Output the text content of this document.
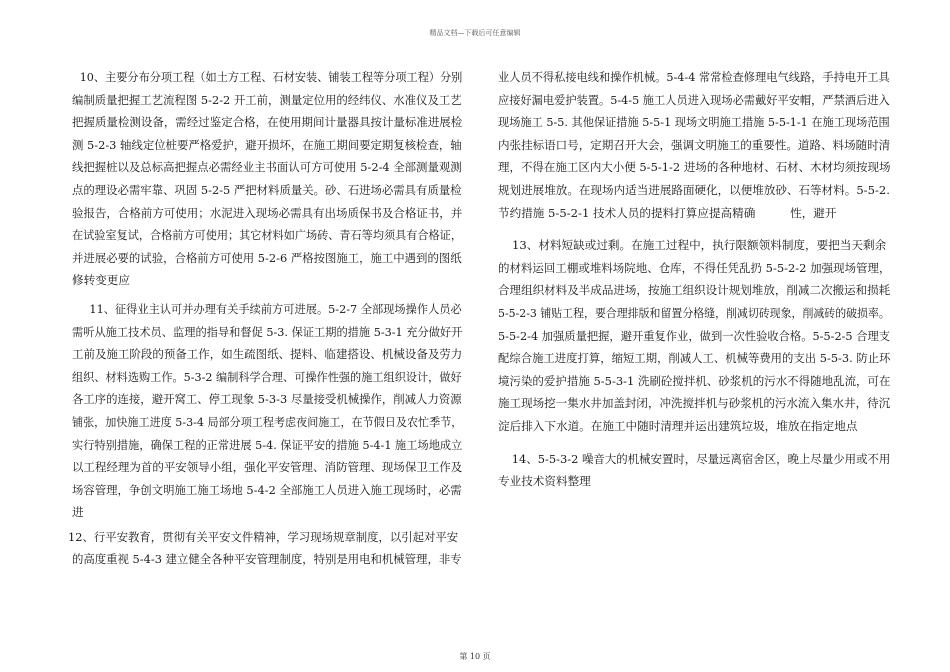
精品文档—下载后可任意编辑

10、主要分布分项工程（如土方工程、石材安装、铺装工程等分项工程）分别
编制质量把握工艺流程图 5-2-2 开工前，测量定位用的经纬仪、水准仪及工艺
把握质量检测设备，需经过鉴定合格，在使用期间计量器具按计量标准进展检
测 5-2-3 轴线定位桩要严格爱护，避开损坏，在施工期间要定期复核检查，轴
线把握桩以及总标高把握点必需经业主书面认可方可使用 5-2-4 全部测量观测
点的理设必需牢靠、巩固 5-2-5 严把材料质量关。砂、石进场必需具有质量检
验报告，合格前方可使用；水泥进入现场必需具有出场质保书及合格证书，并
在试验室复试，合格前方可使用；其它材料如广场砖、青石等均须具有合格证，
并进展必要的试验，合格前方可使用 5-2-6 严格按图施工，施工中遇到的图纸
修转变更应

11、征得业主认可并办理有关手续前方可进展。5-2-7 全部现场操作人员必
需听从施工技术员、监理的指导和督促 5-3. 保证工期的措施 5-3-1 充分做好开
工前及施工阶段的预备工作，如生疏图纸、提料、临建搭设、机械设备及劳力
组织、材料选购工作。5-3-2 编制科学合理、可操作性强的施工组织设计，做好
各工序的连接，避开窝工、停工现象 5-3-3 尽量接受机械操作，削减人力资源
铺张，加快施工进度 5-3-4 局部分项工程考虑夜间施工，在节假日及农忙季节，
实行特别措施，确保工程的正常进展 5-4. 保证平安的措施 5-4-1 施工场地成立
以工程经理为首的平安领导小组，强化平安管理、消防管理、现场保卫工作及
场容管理，争创文明施工施工场地 5-4-2 全部施工人员进入施工现场时，必需
进

12、行平安教育，贯彻有关平安文件精神，学习现场规章制度，以引起对平安
的高度重视 5-4-3 建立健全各种平安管理制度，特别是用电和机械管理，非专

业人员不得私接电线和操作机械。5-4-4 常常检查修理电气线路，手持电开工具
应接好漏电爱护装置。5-4-5 施工人员进入现场必需戴好平安帽，严禁酒后进入
现场施工 5-5. 其他保证措施 5-5-1 现场文明施工措施 5-5-1-1 在施工现场范围
内张挂标语口号，定期召开大会，强调文明施工的重要性。道路、料场随时清
理，不得在施工区内大小便 5-5-1-2 进场的各种地材、石材、木材均须按现场
规划进展堆放。在现场内适当进展路面硬化，以便堆放砂、石等材料。5-5-2.
节约措施 5-5-2-1 技术人员的提料打算应提高精确　　　性，避开

13、材料短缺或过剩。在施工过程中，执行限额领料制度，要把当天剩余
的材料运回工棚或堆料场院地、仓库，不得任凭乱扔 5-5-2-2 加强现场管理，
合理组织材料及半成品进场，按施工组织设计规划堆放，削减二次搬运和损耗
5-5-2-3 铺贴工程，要合理排版和留置分格缝，削减切砖现象，削减砖的破损率。
5-5-2-4 加强质量把握，避开重复作业，做到一次性验收合格。5-5-2-5 合理支
配综合施工进度打算，缩短工期，削减人工、机械等费用的支出 5-5-3. 防止环
境污染的爱护措施 5-5-3-1 洗刷砼搅拌机、砂浆机的污水不得随地乱流，可在
施工现场挖一集水井加盖封闭，冲洗搅拌机与砂浆机的污水流入集水井，待沉
淀后排入下水道。在施工中随时清理并运出建筑垃圾，堆放在指定地点

14、5-5-3-2 噪音大的机械安置时，尽量远离宿舍区，晚上尽量少用或不用
专业技术资料整理

第 10 页
